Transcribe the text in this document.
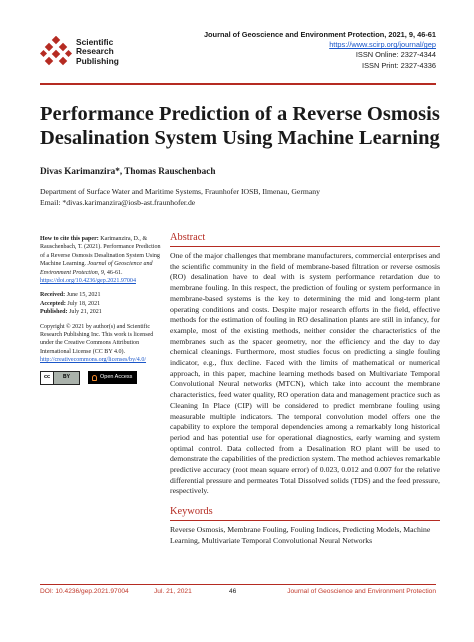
Scientific
Research
Publishing
Journal of Geoscience and Environment Protection, 2021, 9, 46-61
https://www.scirp.org/journal/gep
ISSN Online: 2327-4344
ISSN Print: 2327-4336
Performance Prediction of a Reverse Osmosis Desalination System Using Machine Learning
Divas Karimanzira*, Thomas Rauschenbach
Department of Surface Water and Maritime Systems, Fraunhofer IOSB, Ilmenau, Germany
Email: *divas.karimanzira@iosb-ast.fraunhofer.de

How to cite this paper: Karimanzira, D., & Rauschenbach, T. (2021). Performance Prediction of a Reverse Osmosis Desalination System Using Machine Learning. Journal of Geoscience and Environment Protection, 9, 46-61.
https://doi.org/10.4236/gep.2021.97004

Received: June 15, 2021
Accepted: July 18, 2021
Published: July 21, 2021

Copyright © 2021 by author(s) and Scientific Research Publishing Inc. This work is licensed under the Creative Commons Attribution International License (CC BY 4.0).
http://creativecommons.org/licenses/by/4.0/

cc	BY	Open Access
Abstract

One of the major challenges that membrane manufacturers, commercial enterprises and the scientific community in the field of membrane-based filtration or reverse osmosis (RO) desalination have to deal with is system performance retardation due to membrane fouling. In this respect, the prediction of fouling or system performance in membrane-based systems is the key to determining the mid and long-term plant operating conditions and costs. Despite major research efforts in the field, effective methods for the estimation of fouling in RO desalination plants are still in infancy, for example, most of the existing methods, neither consider the characteristics of the membranes such as the spacer geometry, nor the efficiency and the day to day chemical cleanings. Furthermore, most studies focus on predicting a single fouling indicator, e.g., flux decline. Faced with the limits of mathematical or numerical approach, in this paper, machine learning methods based on Multivariate Temporal Convolutional Neural networks (MTCN), which take into account the membrane characteristics, feed water quality, RO operation data and management practice such as Cleaning In Place (CIP) will be considered to predict membrane fouling using measurable multiple indicators. The temporal convolution model offers one the capability to explore the temporal dependencies among a remarkably long historical period and has potential use for operational diagnostics, early warning and system optimal control. Data collected from a Desalination RO plant will be used to demonstrate the capabilities of the prediction system. The method achieves remarkable predictive accuracy (root mean square error) of 0.023, 0.012 and 0.007 for the relative differential pressure and permeates Total Dissolved solids (TDS) and the feed pressure, respectively.

Keywords

Reverse Osmosis, Membrane Fouling, Fouling Indices, Predicting Models, Machine Learning, Multivariate Temporal Convolutional Neural Networks

DOI: 10.4236/gep.2021.97004	Jul. 21, 2021	46	Journal of Geoscience and Environment Protection
